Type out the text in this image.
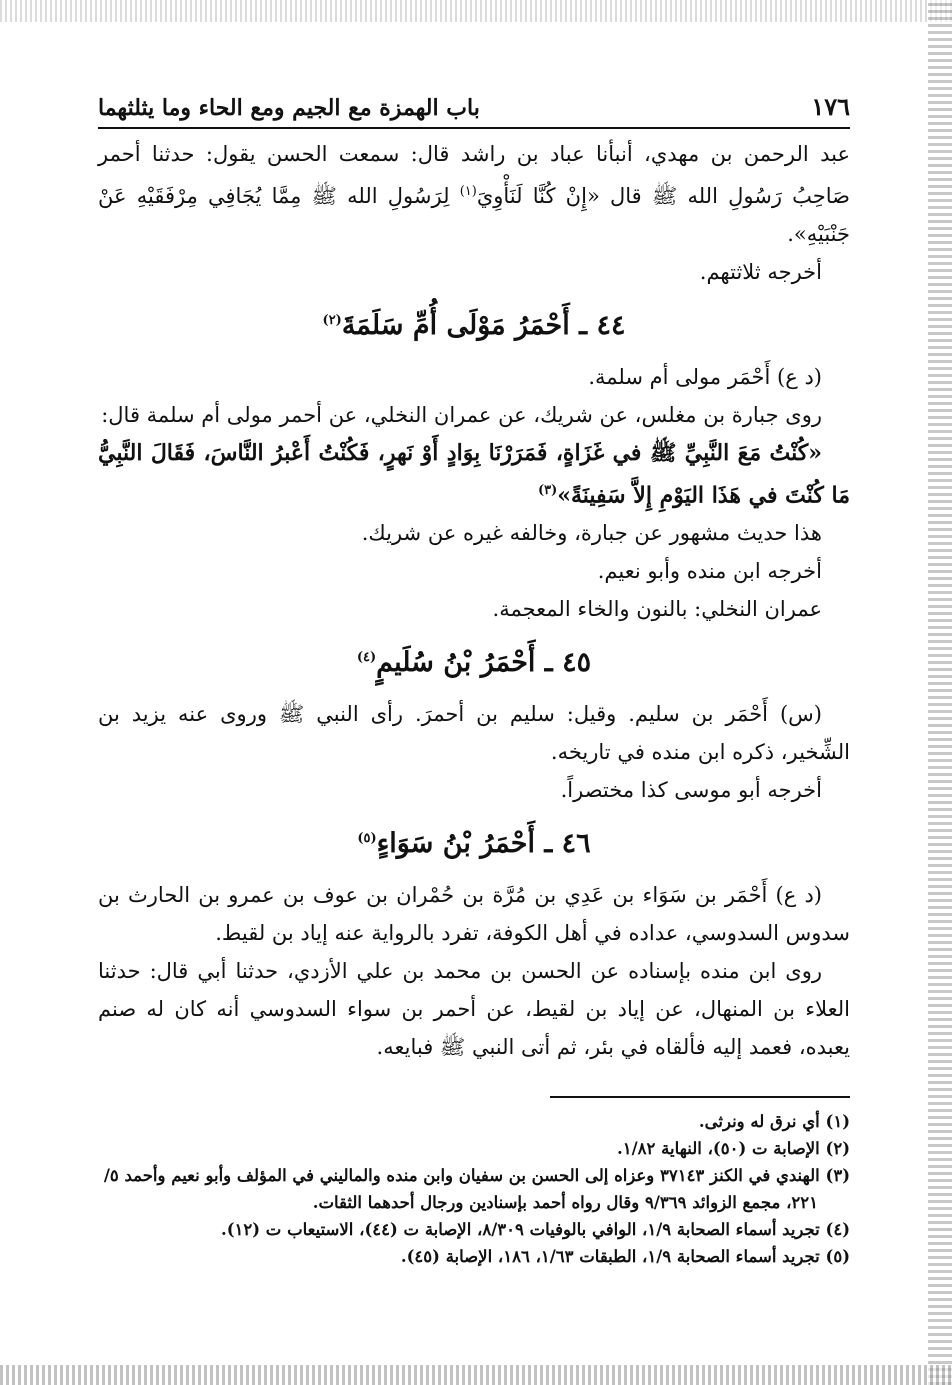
١٧٦
باب الهمزة مع الجيم ومع الحاء وما يثلثهما

عبد الرحمن بن مهدي، أنبأنا عباد بن راشد قال: سمعت الحسن يقول: حدثنا أحمر صَاحِبُ رَسُولِ الله ﷺ قال «إِنْ كُنَّا لَنَأْوِيَ$^{(١)}$ لِرَسُولِ الله ﷺ مِمَّا يُجَافِي مِرْفَقَيْهِ عَنْ جَنْبَيْهِ».

أخرجه ثلاثتهم.

٤٤ ـ أَحْمَرُ مَوْلَى أُمِّ سَلَمَةَ$^{(٢)}$

(د ع) أَحْمَر مولى أم سلمة.

روى جبارة بن مغلس، عن شريك، عن عمران النخلي، عن أحمر مولى أم سلمة قال:

«كُنْتُ مَعَ النَّبِيِّ ﷺ في غَزَاةٍ، فَمَرَرْنَا بِوَادٍ أَوْ نَهرٍ، فَكُنْتُ أَعْبرُ النَّاسَ، فَقَالَ النَّبِيُّ مَا كُنْتَ في هَذَا اليَوْمِ إِلاَّ سَفِينَةً»$^{(٣)}$

هذا حديث مشهور عن جبارة، وخالفه غيره عن شريك.

أخرجه ابن منده وأبو نعيم.

عمران النخلي: بالنون والخاء المعجمة.

٤٥ ـ أَحْمَرُ بْنُ سُلَيمٍ$^{(٤)}$

(س) أَحْمَر بن سليم. وقيل: سليم بن أحمرَ. رأى النبي ﷺ وروى عنه يزيد بن الشِّخير، ذكره ابن منده في تاريخه.

أخرجه أبو موسى كذا مختصراً.

٤٦ ـ أَحْمَرُ بْنُ سَوَاءٍ$^{(٥)}$

(د ع) أَحْمَر بن سَوَاء بن عَدِي بن مُرَّة بن حُمْران بن عوف بن عمرو بن الحارث بن سدوس السدوسي، عداده في أهل الكوفة، تفرد بالرواية عنه إياد بن لقيط.

روى ابن منده بإسناده عن الحسن بن محمد بن علي الأزدي، حدثنا أبي قال: حدثنا العلاء بن المنهال، عن إياد بن لقيط، عن أحمر بن سواء السدوسي أنه كان له صنم يعبده، فعمد إليه فألقاه في بئر، ثم أتى النبي ﷺ فبايعه.

(١) أي نرق له ونرثى.

(٢) الإصابة ت (٥٠)، النهاية ١/٨٢.

(٣) الهندي في الكنز ٣٧١٤٣ وعزاه إلى الحسن بن سفيان وابن منده والماليني في المؤلف وأبو نعيم وأحمد ٥/

٢٢١، مجمع الزوائد ٩/٣٦٩ وقال رواه أحمد بإسنادين ورجال أحدهما الثقات.

(٤) تجريد أسماء الصحابة ١/٩، الوافي بالوفيات ٨/٣٠٩، الإصابة ت (٤٤)، الاستيعاب ت (١٢).

(٥) تجريد أسماء الصحابة ١/٩، الطبقات ١/٦٣، ١٨٦، الإصابة (٤٥).
